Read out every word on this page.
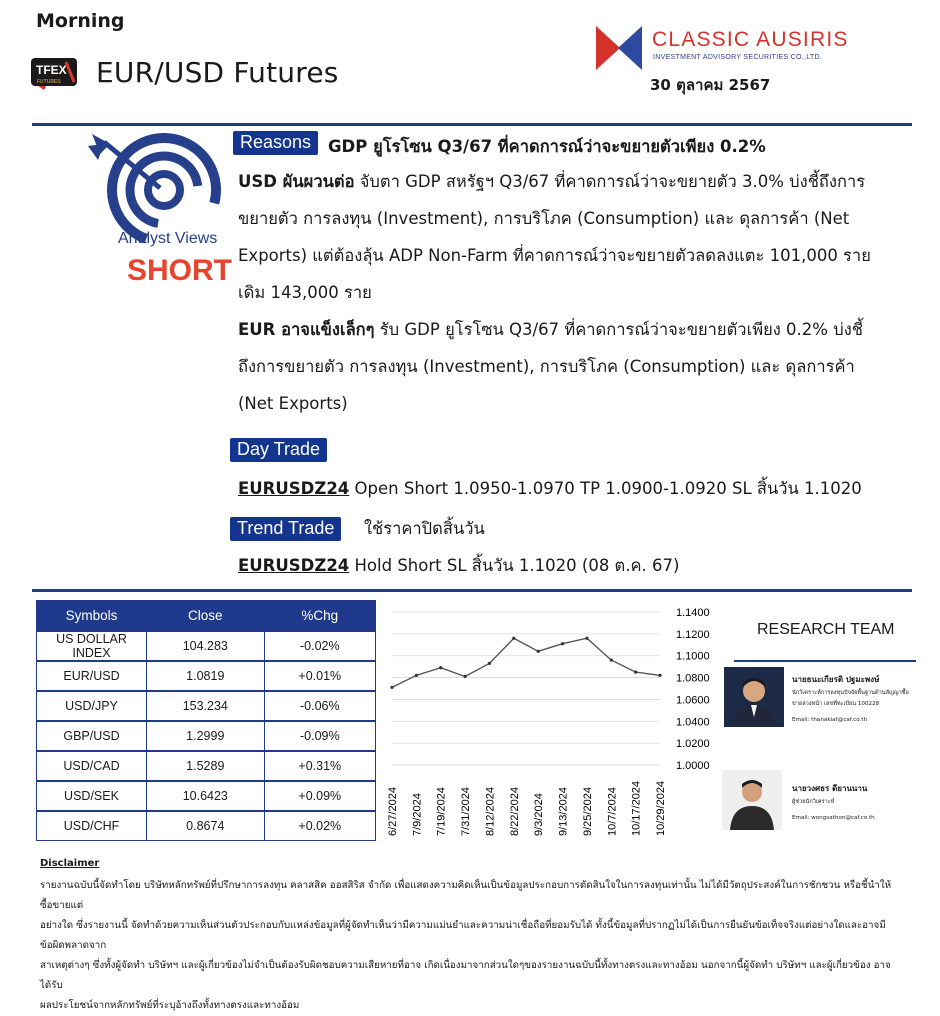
Morning
TFEX
FUTURES EUR/USD Futures
CLASSIC AUSIRIS
INVESTMENT ADVISORY SECURITIES CO.,LTD.
30 ตุลาคม 2567
Analyst Views
SHORT
Reasons	GDP ยูโรโซน Q3/67 ที่คาดการณ์ว่าจะขยายตัวเพียง 0.2%
USD ผันผวนต่อ จับตา GDP สหรัฐฯ Q3/67 ที่คาดการณ์ว่าจะขยายตัว 3.0% บ่งชี้ถึงการ
ขยายตัว การลงทุน (Investment), การบริโภค (Consumption) และ ดุลการค้า (Net
Exports) แต่ต้องลุ้น ADP Non-Farm ที่คาดการณ์ว่าจะขยายตัวลดลงแตะ 101,000 ราย
เดิม 143,000 ราย
EUR อาจแข็งเล็กๆ รับ GDP ยูโรโซน Q3/67 ที่คาดการณ์ว่าจะขยายตัวเพียง 0.2% บ่งชี้
ถึงการขยายตัว การลงทุน (Investment), การบริโภค (Consumption) และ ดุลการค้า
(Net Exports)
Day Trade
EURUSDZ24 Open Short 1.0950-1.0970 TP 1.0900-1.0920 SL สิ้นวัน 1.1020
Trend Trade	ใช้ราคาปิดสิ้นวัน
EURUSDZ24 Hold Short SL สิ้นวัน 1.1020 (08 ต.ค. 67)
Symbols	Close	%Chg
US DOLLAR INDEX	104.283	-0.02%
EUR/USD	1.0819	+0.01%
USD/JPY	153.234	-0.06%
GBP/USD	1.2999	-0.09%
USD/CAD	1.5289	+0.31%
USD/SEK	10.6423	+0.09%
USD/CHF	0.8674	+0.02%
1.1400
1.1200
1.1000
1.0800
1.0600
1.0400
1.0200
1.0000
6/27/2024 7/9/2024 7/19/2024 7/31/2024 8/12/2024 8/22/2024 9/3/2024 9/13/2024 9/25/2024 10/7/2024 10/17/2024 10/29/2024
RESEARCH TEAM
นายธนะเกียรติ ปฐมะพงษ์
นักวิเคราะห์การลงทุนปัจจัยพื้นฐานด้านสัญญาซื้อ
ขายล่วงหน้า เลขที่ทะเบียน 100228
Email: thanakiat@caf.co.th
นายวงศธร ดียานนาน
ผู้ช่วยนักวิเคราะห์
Email: wongsathon@caf.co.th
Disclaimer
รายงานฉบับนี้จัดทำโดย บริษัทหลักทรัพย์ที่ปรึกษาการลงทุน คลาสสิค ออสสิริส จำกัด เพื่อแสดงความคิดเห็นเป็นข้อมูลประกอบการตัดสินใจในการลงทุนเท่านั้น ไม่ได้มีวัตถุประสงค์ในการชักชวน หรือชี้นำให้ซื้อขายแต่
อย่างใด ซึ่งรายงานนี้ จัดทำด้วยความเห็นส่วนตัวประกอบกับแหล่งข้อมูลที่ผู้จัดทำเห็นว่ามีความแม่นยำและความน่าเชื่อถือที่ยอมรับได้ ทั้งนี้ข้อมูลที่ปรากฏไม่ได้เป็นการยืนยันข้อเท็จจริงแต่อย่างใดและอาจมีข้อผิดพลาดจาก
สาเหตุต่างๆ ซึ่งทั้งผู้จัดทำ บริษัทฯ และผู้เกี่ยวข้องไม่จำเป็นต้องรับผิดชอบความเสียหายที่อาจ เกิดเนื่องมาจากส่วนใดๆของรายงานฉบับนี้ทั้งทางตรงและทางอ้อม นอกจากนี้ผู้จัดทำ บริษัทฯ และผู้เกี่ยวข้อง อาจได้รับ
ผลประโยชน์จากหลักทรัพย์ที่ระบุอ้างถึงทั้งทางตรงและทางอ้อม
